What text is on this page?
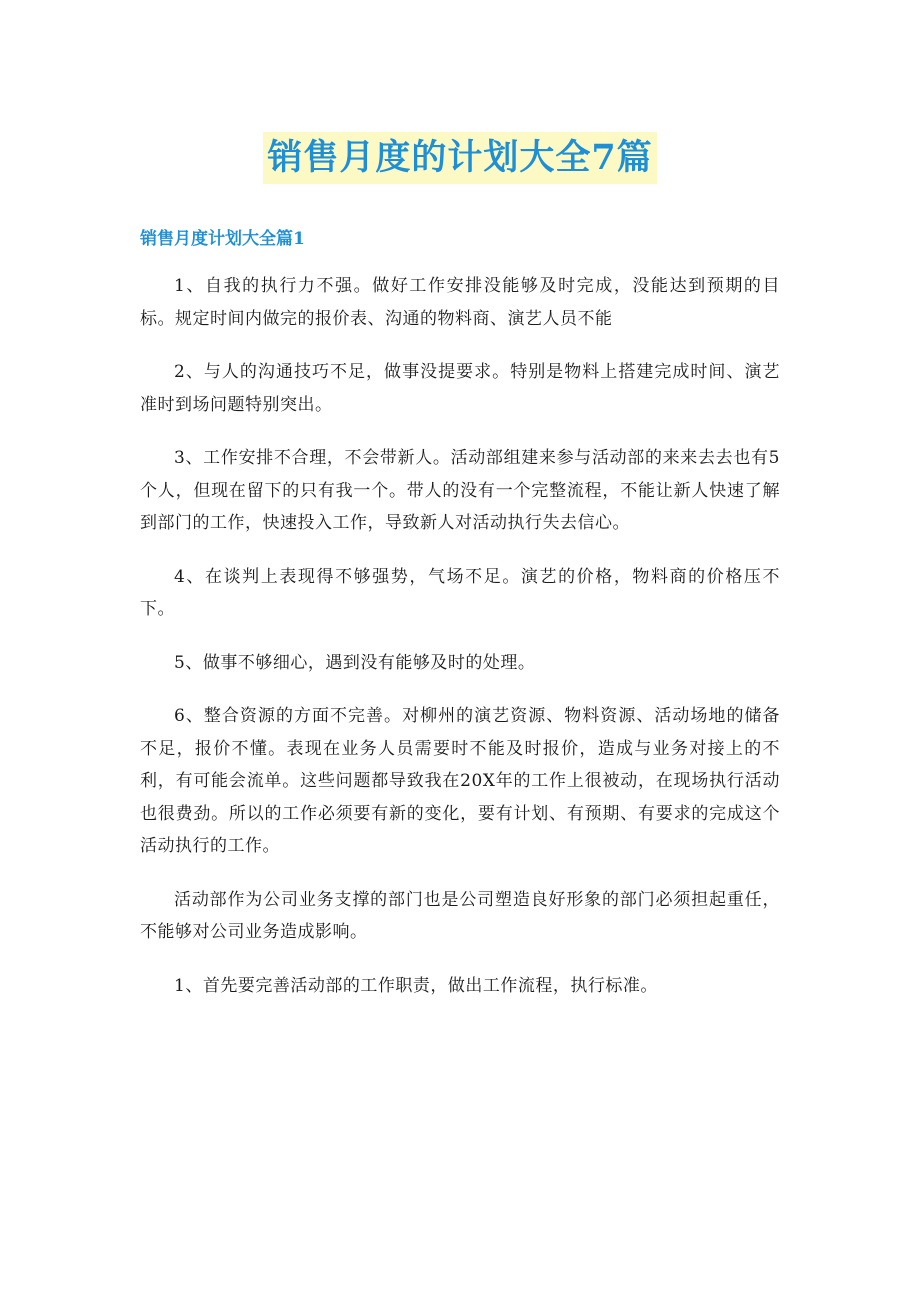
销售月度的计划大全7篇
销售月度计划大全篇1

1、自我的执行力不强。做好工作安排没能够及时完成，没能达到预期的目标。规定时间内做完的报价表、沟通的物料商、演艺人员不能

2、与人的沟通技巧不足，做事没提要求。特别是物料上搭建完成时间、演艺准时到场问题特别突出。

3、工作安排不合理，不会带新人。活动部组建来参与活动部的来来去去也有5个人，但现在留下的只有我一个。带人的没有一个完整流程，不能让新人快速了解到部门的工作，快速投入工作，导致新人对活动执行失去信心。

4、在谈判上表现得不够强势，气场不足。演艺的价格，物料商的价格压不下。

5、做事不够细心，遇到没有能够及时的处理。

6、整合资源的方面不完善。对柳州的演艺资源、物料资源、活动场地的储备不足，报价不懂。表现在业务人员需要时不能及时报价，造成与业务对接上的不利，有可能会流单。这些问题都导致我在20X年的工作上很被动，在现场执行活动也很费劲。所以的工作必须要有新的变化，要有计划、有预期、有要求的完成这个活动执行的工作。

活动部作为公司业务支撑的部门也是公司塑造良好形象的部门必须担起重任，不能够对公司业务造成影响。

1、首先要完善活动部的工作职责，做出工作流程，执行标准。
